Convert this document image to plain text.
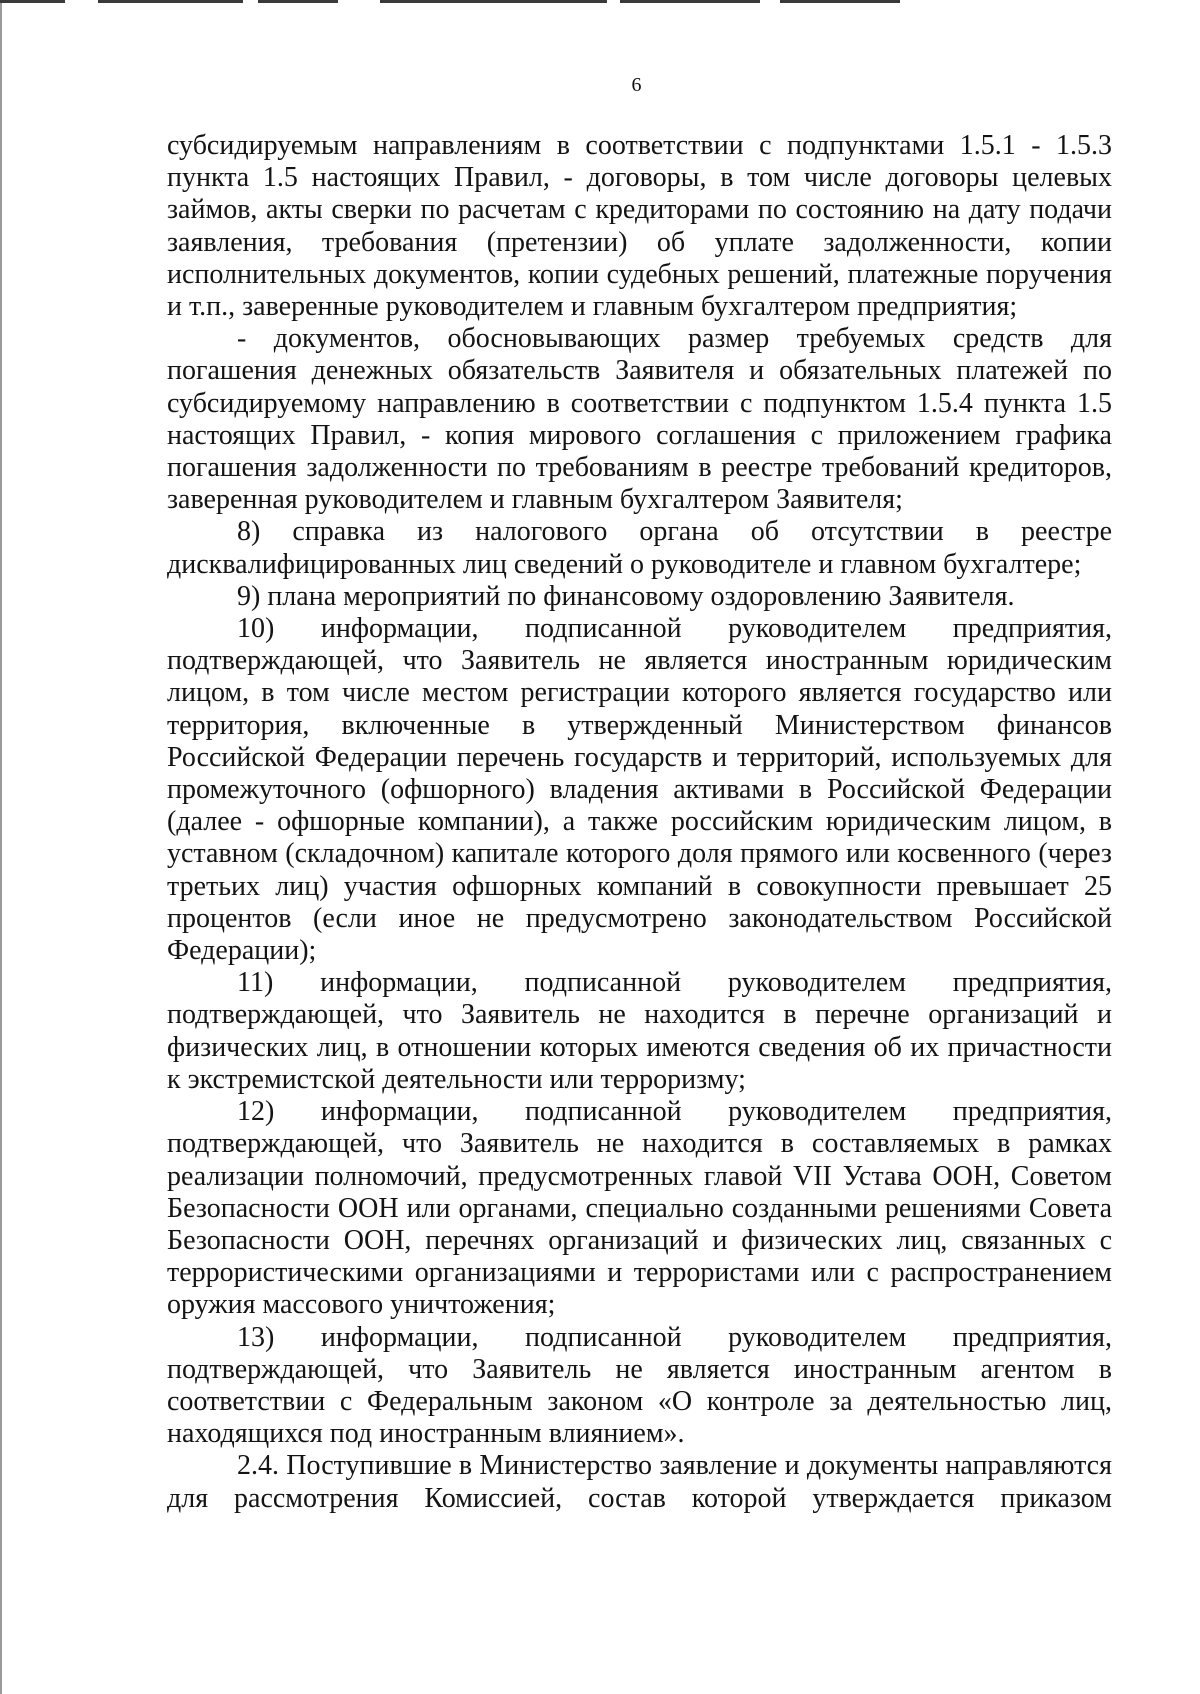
6

субсидируемым направлениям в соответствии с подпунктами 1.5.1 - 1.5.3 пункта 1.5 настоящих Правил, - договоры, в том числе договоры целевых займов, акты сверки по расчетам с кредиторами по состоянию на дату подачи заявления, требования (претензии) об уплате задолженности, копии исполнительных документов, копии судебных решений, платежные поручения и т.п., заверенные руководителем и главным бухгалтером предприятия;

- документов, обосновывающих размер требуемых средств для погашения денежных обязательств Заявителя и обязательных платежей по субсидируемому направлению в соответствии с подпунктом 1.5.4 пункта 1.5 настоящих Правил, - копия мирового соглашения с приложением графика погашения задолженности по требованиям в реестре требований кредиторов, заверенная руководителем и главным бухгалтером Заявителя;

8) справка из налогового органа об отсутствии в реестре дисквалифицированных лиц сведений о руководителе и главном бухгалтере;

9) плана мероприятий по финансовому оздоровлению Заявителя.

10) информации, подписанной руководителем предприятия, подтверждающей, что Заявитель не является иностранным юридическим лицом, в том числе местом регистрации которого является государство или территория, включенные в утвержденный Министерством финансов Российской Федерации перечень государств и территорий, используемых для промежуточного (офшорного) владения активами в Российской Федерации (далее - офшорные компании), а также российским юридическим лицом, в уставном (складочном) капитале которого доля прямого или косвенного (через третьих лиц) участия офшорных компаний в совокупности превышает 25 процентов (если иное не предусмотрено законодательством Российской Федерации);

11) информации, подписанной руководителем предприятия, подтверждающей, что Заявитель не находится в перечне организаций и физических лиц, в отношении которых имеются сведения об их причастности к экстремистской деятельности или терроризму;

12) информации, подписанной руководителем предприятия, подтверждающей, что Заявитель не находится в составляемых в рамках реализации полномочий, предусмотренных главой VII Устава ООН, Советом Безопасности ООН или органами, специально созданными решениями Совета Безопасности ООН, перечнях организаций и физических лиц, связанных с террористическими организациями и террористами или с распространением оружия массового уничтожения;

13) информации, подписанной руководителем предприятия, подтверждающей, что Заявитель не является иностранным агентом в соответствии с Федеральным законом «О контроле за деятельностью лиц, находящихся под иностранным влиянием».

2.4. Поступившие в Министерство заявление и документы направляются для рассмотрения Комиссией, состав которой утверждается приказом
